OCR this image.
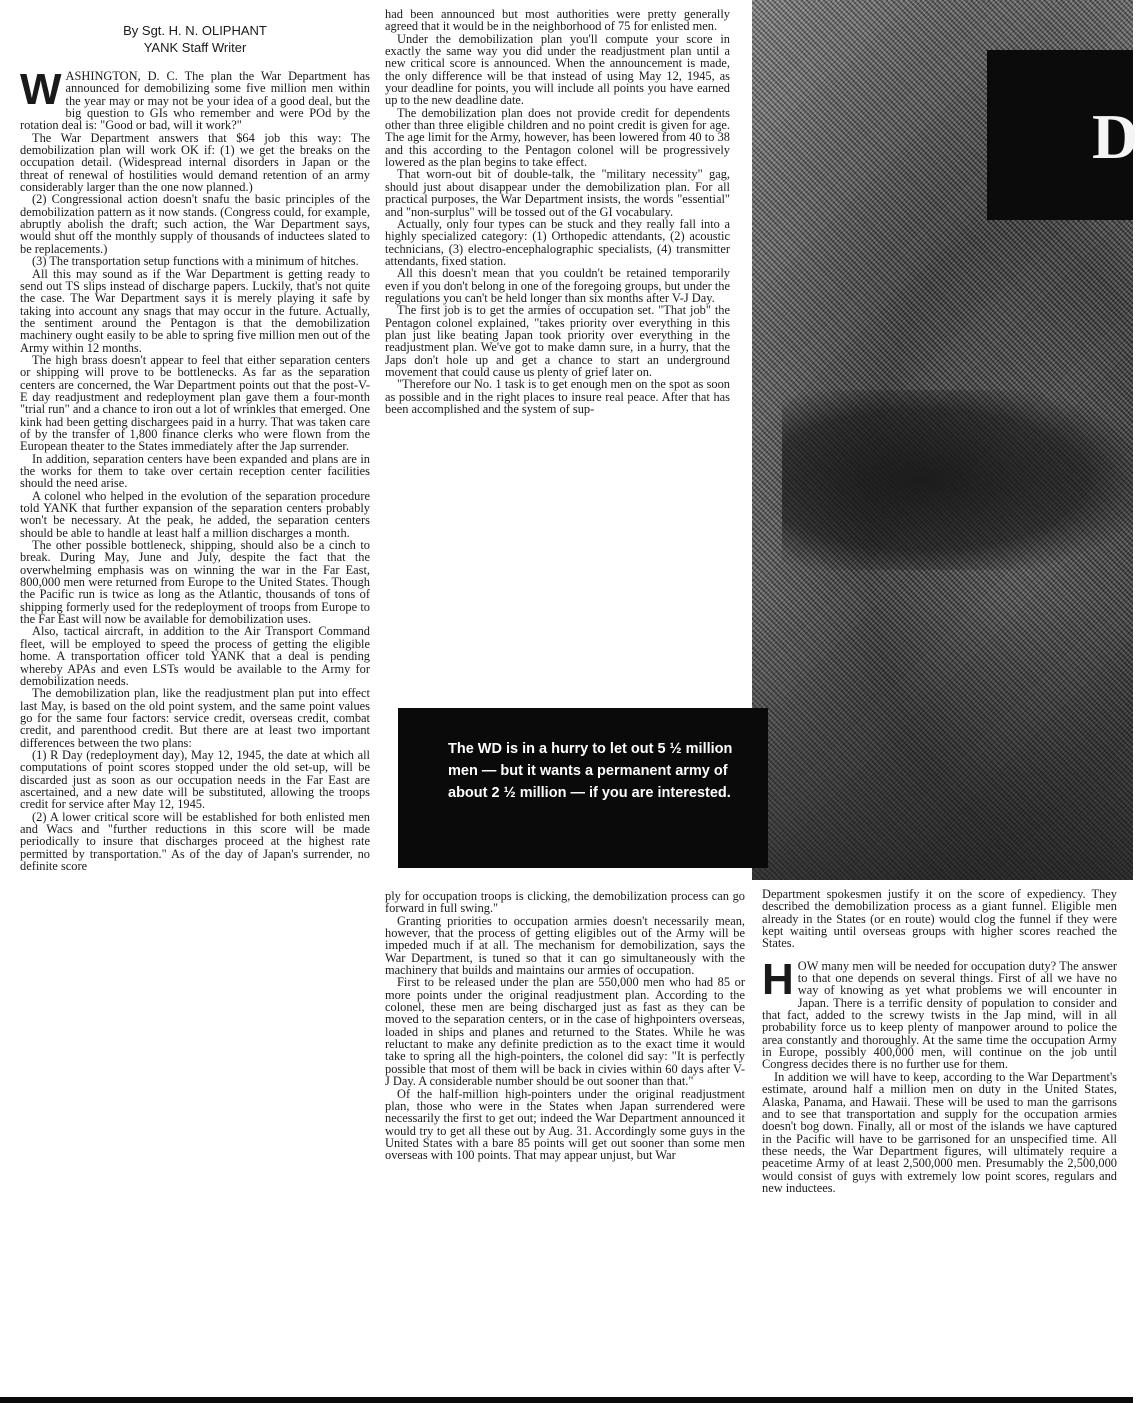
By Sgt. H. N. OLIPHANT
YANK Staff Writer
W ASHINGTON, D. C. The plan the War Department has announced for demobilizing some five million men within the year may or may not be your idea of a good deal, but the big question to GIs who remember and were POd by the rotation deal is: "Good or bad, will it work?"

The War Department answers that $64 job this way: The demobilization plan will work OK if: (1) we get the breaks on the occupation detail. (Widespread internal disorders in Japan or the threat of renewal of hostilities would demand retention of an army considerably larger than the one now planned.)

(2) Congressional action doesn't snafu the basic principles of the demobilization pattern as it now stands. (Congress could, for example, abruptly abolish the draft; such action, the War Department says, would shut off the monthly supply of thousands of inductees slated to be replacements.)

(3) The transportation setup functions with a minimum of hitches.

All this may sound as if the War Department is getting ready to send out TS slips instead of discharge papers. Luckily, that's not quite the case. The War Department says it is merely playing it safe by taking into account any snags that may occur in the future. Actually, the sentiment around the Pentagon is that the demobilization machinery ought easily to be able to spring five million men out of the Army within 12 months.

The high brass doesn't appear to feel that either separation centers or shipping will prove to be bottlenecks. As far as the separation centers are concerned, the War Department points out that the post-V-E day readjustment and redeployment plan gave them a four-month "trial run" and a chance to iron out a lot of wrinkles that emerged. One kink had been getting dischargees paid in a hurry. That was taken care of by the transfer of 1,800 finance clerks who were flown from the European theater to the States immediately after the Jap surrender.

In addition, separation centers have been expanded and plans are in the works for them to take over certain reception center facilities should the need arise.

A colonel who helped in the evolution of the separation procedure told YANK that further expansion of the separation centers probably won't be necessary. At the peak, he added, the separation centers should be able to handle at least half a million discharges a month.

The other possible bottleneck, shipping, should also be a cinch to break. During May, June and July, despite the fact that the overwhelming emphasis was on winning the war in the Far East, 800,000 men were returned from Europe to the United States. Though the Pacific run is twice as long as the Atlantic, thousands of tons of shipping formerly used for the redeployment of troops from Europe to the Far East will now be available for demobilization uses.

Also, tactical aircraft, in addition to the Air Transport Command fleet, will be employed to speed the process of getting the eligible home. A transportation officer told YANK that a deal is pending whereby APAs and even LSTs would be available to the Army for demobilization needs.

The demobilization plan, like the readjustment plan put into effect last May, is based on the old point system, and the same point values go for the same four factors: service credit, overseas credit, combat credit, and parenthood credit. But there are at least two important differences between the two plans:

(1) R Day (redeployment day), May 12, 1945, the date at which all computations of point scores stopped under the old set-up, will be discarded just as soon as our occupation needs in the Far East are ascertained, and a new date will be substituted, allowing the troops credit for service after May 12, 1945.

(2) A lower critical score will be established for both enlisted men and Wacs and "further reductions in this score will be made periodically to insure that discharges proceed at the highest rate permitted by transportation." As of the day of Japan's surrender, no definite score

had been announced but most authorities were pretty generally agreed that it would be in the neighborhood of 75 for enlisted men.

Under the demobilization plan you'll compute your score in exactly the same way you did under the readjustment plan until a new critical score is announced. When the announcement is made, the only difference will be that instead of using May 12, 1945, as your deadline for points, you will include all points you have earned up to the new deadline date.

The demobilization plan does not provide credit for dependents other than three eligible children and no point credit is given for age. The age limit for the Army, however, has been lowered from 40 to 38 and this according to the Pentagon colonel will be progressively lowered as the plan begins to take effect.

That worn-out bit of double-talk, the "military necessity" gag, should just about disappear under the demobilization plan. For all practical purposes, the War Department insists, the words "essential" and "non-surplus" will be tossed out of the GI vocabulary.

Actually, only four types can be stuck and they really fall into a highly specialized category: (1) Orthopedic attendants, (2) acoustic technicians, (3) electro-encephalographic specialists, (4) transmitter attendants, fixed station.

All this doesn't mean that you couldn't be retained temporarily even if you don't belong in one of the foregoing groups, but under the regulations you can't be held longer than six months after V-J Day.

The first job is to get the armies of occupation set. "That job" the Pentagon colonel explained, "takes priority over everything in this plan just like beating Japan took priority over everything in the readjustment plan. We've got to make damn sure, in a hurry, that the Japs don't hole up and get a chance to start an underground movement that could cause us plenty of grief later on.

"Therefore our No. 1 task is to get enough men on the spot as soon as possible and in the right places to insure real peace. After that has been accomplished and the system of sup-

D
The WD is in a hurry to let out 5 ½ million men — but it wants a permanent army of about 2 ½ million — if you are interested.

ply for occupation troops is clicking, the demobilization process can go forward in full swing."

Granting priorities to occupation armies doesn't necessarily mean, however, that the process of getting eligibles out of the Army will be impeded much if at all. The mechanism for demobilization, says the War Department, is tuned so that it can go simultaneously with the machinery that builds and maintains our armies of occupation.

First to be released under the plan are 550,000 men who had 85 or more points under the original readjustment plan. According to the colonel, these men are being discharged just as fast as they can be moved to the separation centers, or in the case of highpointers overseas, loaded in ships and planes and returned to the States. While he was reluctant to make any definite prediction as to the exact time it would take to spring all the high-pointers, the colonel did say: "It is perfectly possible that most of them will be back in civies within 60 days after V-J Day. A considerable number should be out sooner than that."

Of the half-million high-pointers under the original readjustment plan, those who were in the States when Japan surrendered were necessarily the first to get out; indeed the War Department announced it would try to get all these out by Aug. 31. Accordingly some guys in the United States with a bare 85 points will get out sooner than some men overseas with 100 points. That may appear unjust, but War

Department spokesmen justify it on the score of expediency. They described the demobilization process as a giant funnel. Eligible men already in the States (or en route) would clog the funnel if they were kept waiting until overseas groups with higher scores reached the States.

H OW many men will be needed for occupation duty? The answer to that one depends on several things. First of all we have no way of knowing as yet what problems we will encounter in Japan. There is a terrific density of population to consider and that fact, added to the screwy twists in the Jap mind, will in all probability force us to keep plenty of manpower around to police the area constantly and thoroughly. At the same time the occupation Army in Europe, possibly 400,000 men, will continue on the job until Congress decides there is no further use for them.

In addition we will have to keep, according to the War Department's estimate, around half a million men on duty in the United States, Alaska, Panama, and Hawaii. These will be used to man the garrisons and to see that transportation and supply for the occupation armies doesn't bog down. Finally, all or most of the islands we have captured in the Pacific will have to be garrisoned for an unspecified time. All these needs, the War Department figures, will ultimately require a peacetime Army of at least 2,500,000 men. Presumably the 2,500,000 would consist of guys with extremely low point scores, regulars and new inductees.
